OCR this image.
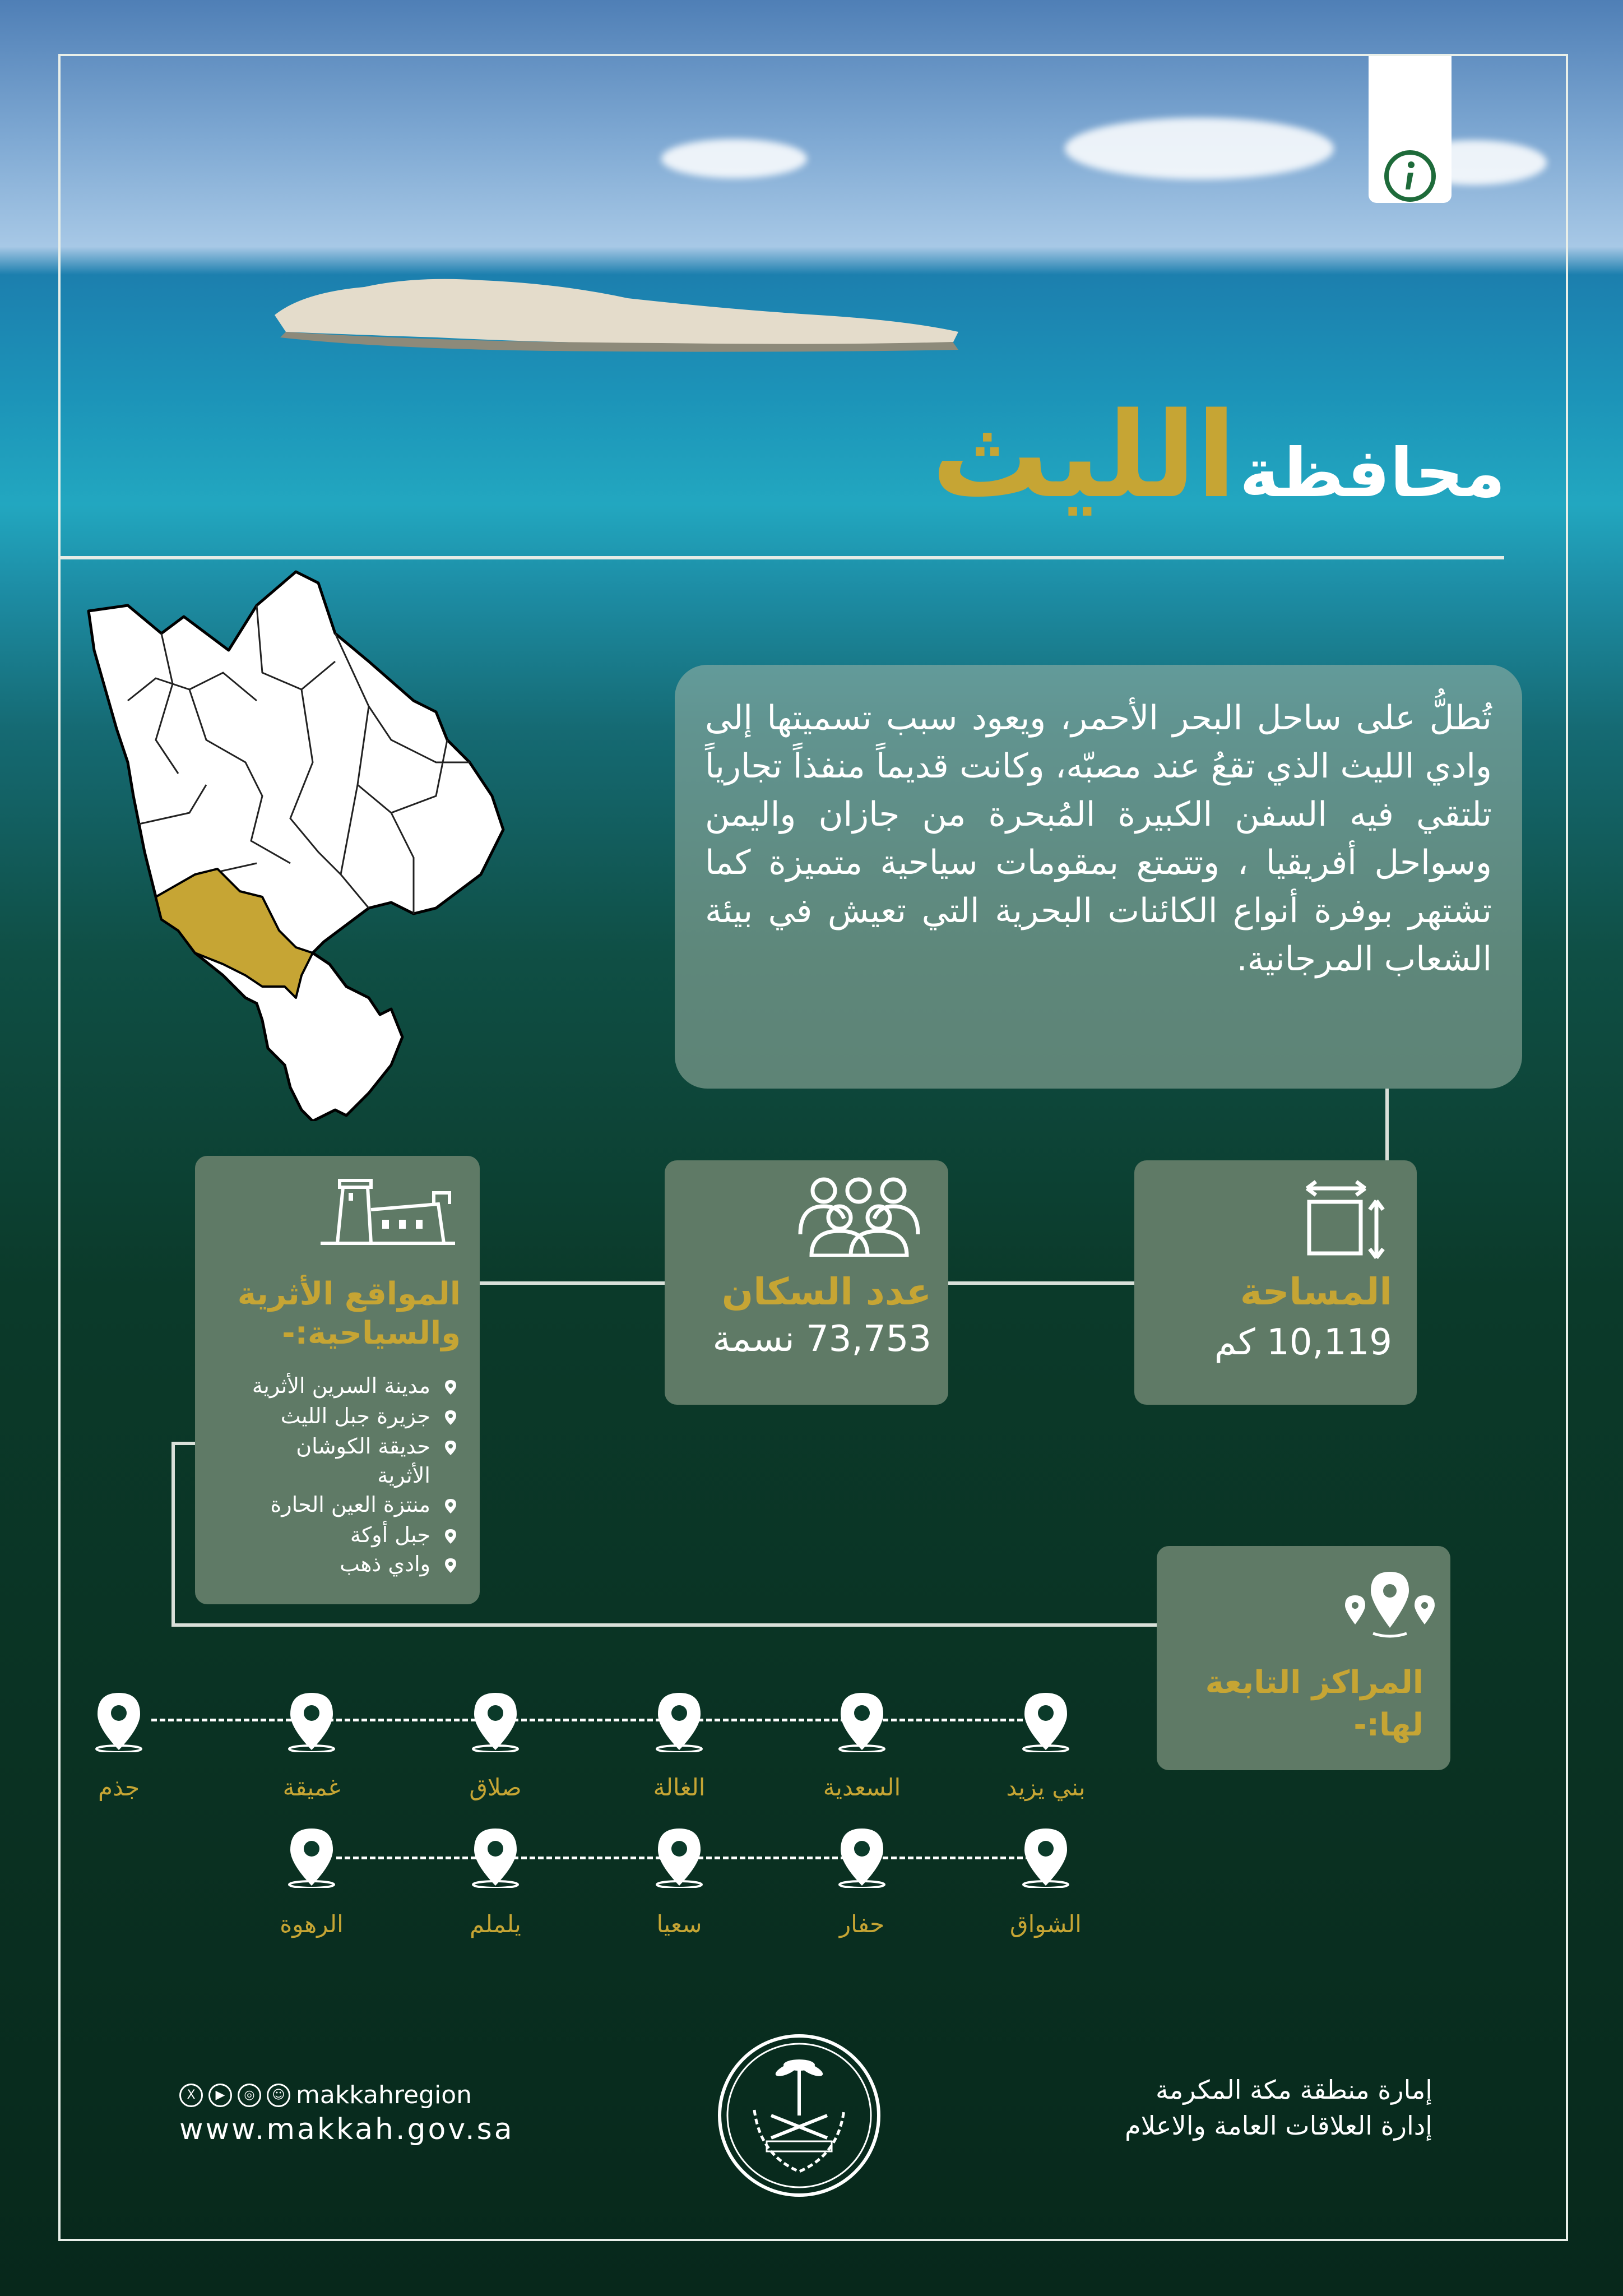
محافظة الليث
تُطلُّ على ساحل البحر الأحمر، ويعود سبب تسميتها إلى وادي الليث الذي تقعُ عند مصبّه، وكانت قديماً منفذاً تجارياً تلتقي فيه السفن الكبيرة المُبحرة من جازان واليمن وسواحل أفريقيا ، وتتمتع بمقومات سياحية متميزة كما تشتهر بوفرة أنواع الكائنات البحرية التي تعيش في بيئة الشعاب المرجانية.
المساحة
10,119 كم
عدد السكان
73,753 نسمة
المواقع الأثرية
والسياحية:-
مدينة السرين الأثرية
جزيرة جبل الليث
حديقة الكوشان
الأثرية
منتزة العين الحارة
جبل أوكة
وادي ذهب
المراكز التابعة
لها:-
بني يزيد
السعدية
الغالة
صلاق
غميقة
جذم
الشواق
حفار
سعيا
يلملم
الرهوة
إمارة منطقة مكة المكرمة
إدارة العلاقات العامة والاعلام
X	▶	◎	☺ makkahregion
www.makkah.gov.sa
